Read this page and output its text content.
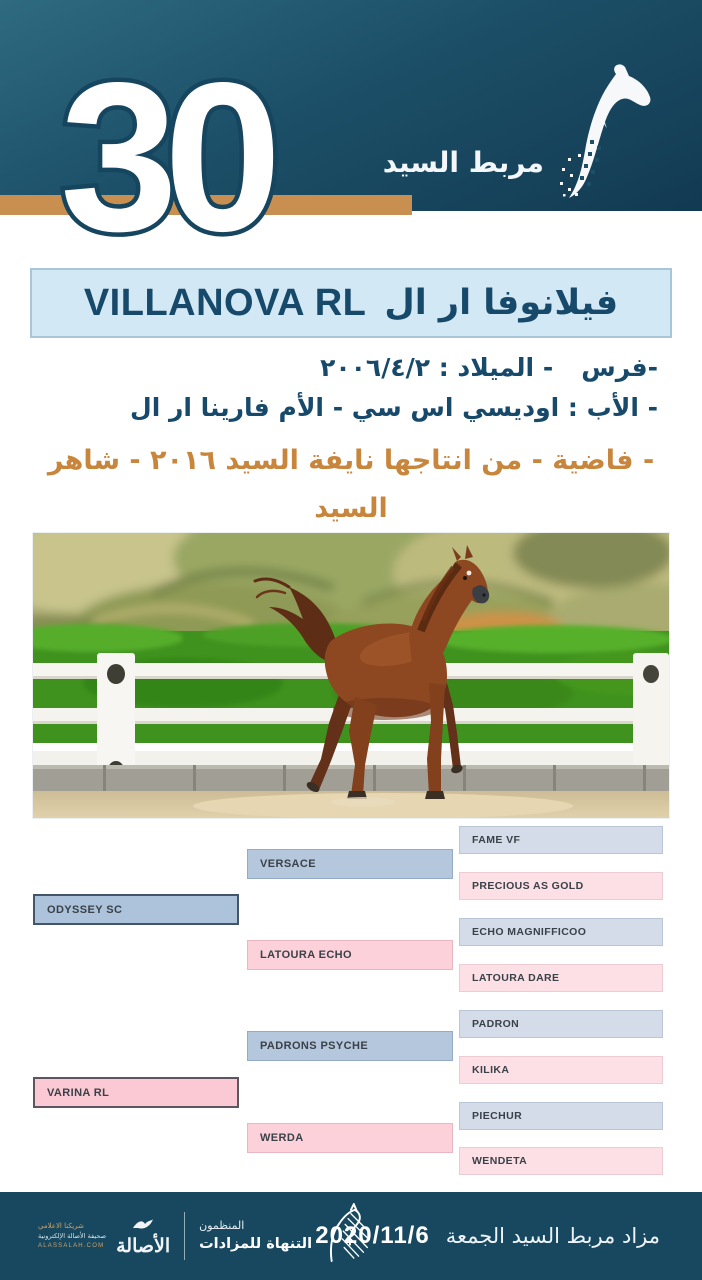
مربط السيد
30
فيلانوفا ار ال
VILLANOVA RL
-فرس
- الميلاد : ٢٠٠٦/٤/٢
- الأب : اوديسي اس سي - الأم فارينا ار ال
- فاضية - من انتاجها نايفة السيد ٢٠١٦ - شاهر السيد
ODYSSEY SC
VARINA RL
VERSACE
LATOURA ECHO
PADRONS PSYCHE
WERDA
FAME VF
PRECIOUS AS GOLD
ECHO MAGNIFFICOO
LATOURA DARE
PADRON
KILIKA
PIECHUR
WENDETA
مزاد مربط السيد الجمعة
2020/11/6
شريكنا الاعلامي
صحيفة الأصالة الإلكترونية
ALASSALAH.COM الأصالة
المنظمون
التنهاة للمزادات
